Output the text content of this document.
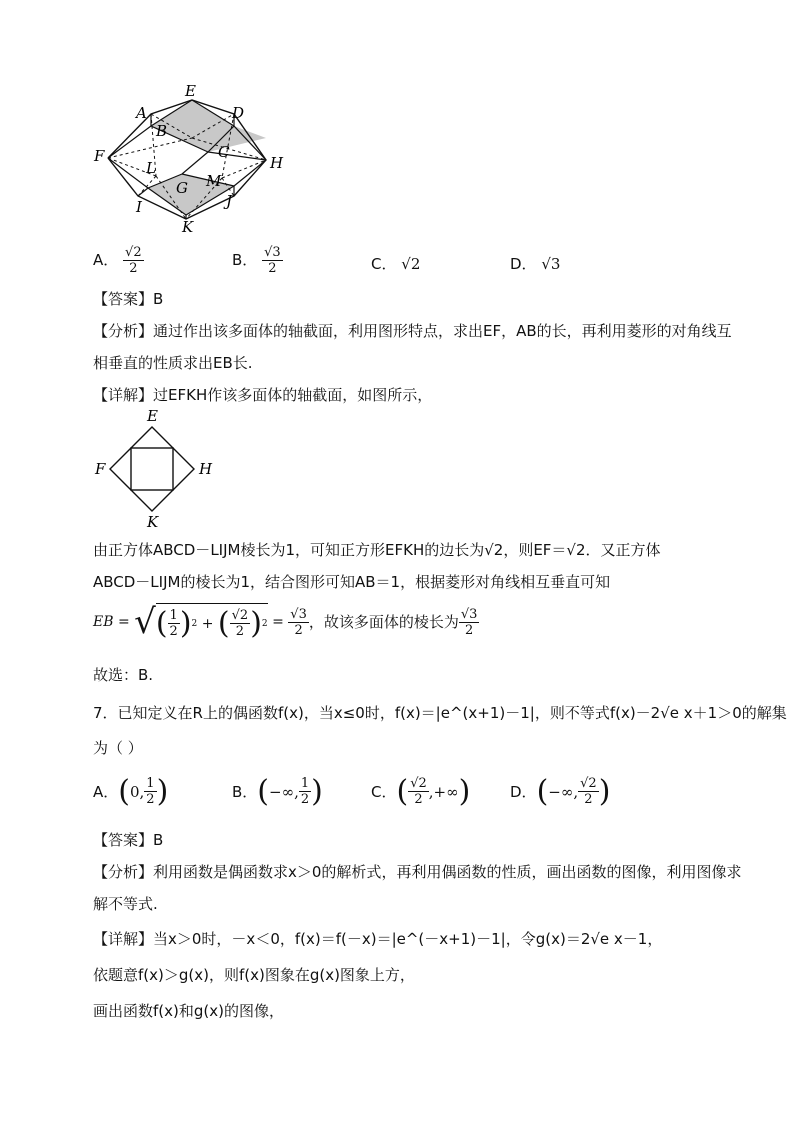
A
B
C
D
E
F
G
H
I	J
K
L
M
A． $\frac{√2}{2}$	B． $\frac{√3}{2}$	C． √2	D． √3
【答案】B
【分析】通过作出该多面体的轴截面，利用图形特点，求出EF，AB的长，再利用菱形的对角线互
相垂直的性质求出EB长.
【详解】过EFKH作该多面体的轴截面，如图所示，
E
F	H
K
由正方体ABCD－LIJM棱长为1，可知正方形EFKH的边长为√2，则EF＝√2．又正方体
ABCD－LIJM的棱长为1，结合图形可知AB＝1，根据菱形对角线相互垂直可知
EB = √ ( $\frac{1}{2}$ ) 2 + ( $\frac{√2}{2}$ ) $2 = \frac{√3}{2}$ ，故该多面体的棱长为 $\frac{√3}{2}$
故选：B.
7．已知定义在R上的偶函数f(x)，当x≤0时，f(x)＝|e^(x+1)－1|，则不等式f(x)－2√e x＋1＞0的解集
为（ ）
A． ( 0, $\frac{1}{2}$ )	B． ( −∞, $\frac{1}{2}$ )	C． ( $\frac{√2}{2}$ ,+∞ )	D． ( −∞, $\frac{√2}{2}$ )
【答案】B
【分析】利用函数是偶函数求x＞0的解析式，再利用偶函数的性质，画出函数的图像，利用图像求
解不等式.
【详解】当x＞0时，－x＜0，f(x)＝f(－x)＝|e^(－x+1)－1|，令g(x)＝2√e x－1，
依题意f(x)＞g(x)，则f(x)图象在g(x)图象上方，
画出函数f(x)和g(x)的图像，
